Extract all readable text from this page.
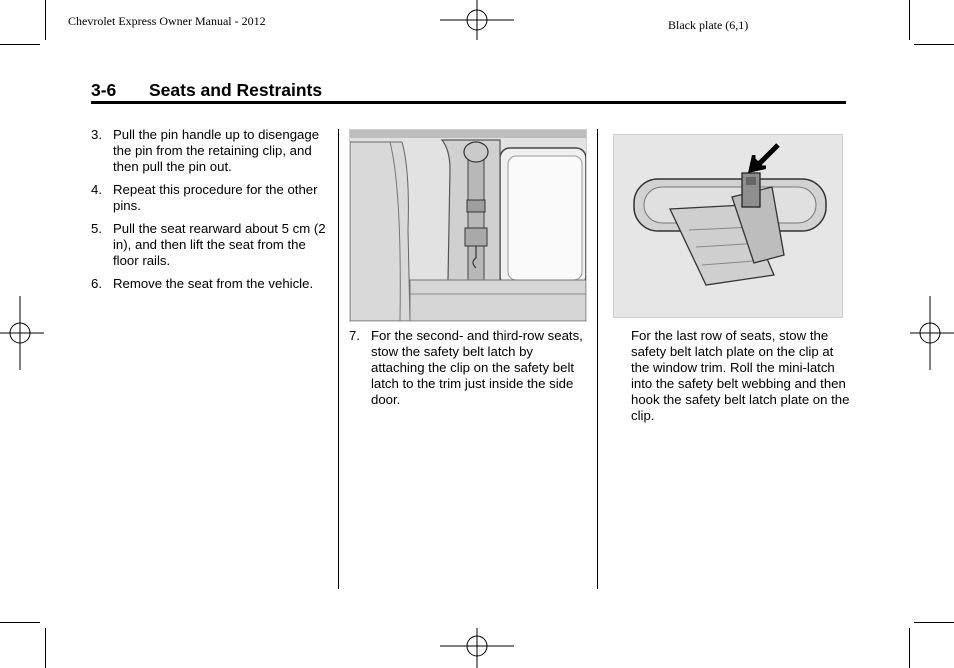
Chevrolet Express Owner Manual - 2012	Black plate (6,1)
3-6 Seats and Restraints
3. Pull the pin handle up to disengage the pin from the retaining clip, and then pull the pin out.
4. Repeat this procedure for the other pins.
5. Pull the seat rearward about 5 cm (2 in), and then lift the seat from the floor rails.
6. Remove the seat from the vehicle.
7. For the second- and third-row seats, stow the safety belt latch by attaching the clip on the safety belt latch to the trim just inside the side door.

For the last row of seats, stow the safety belt latch plate on the clip at the window trim. Roll the mini-latch into the safety belt webbing and then hook the safety belt latch plate on the clip.
